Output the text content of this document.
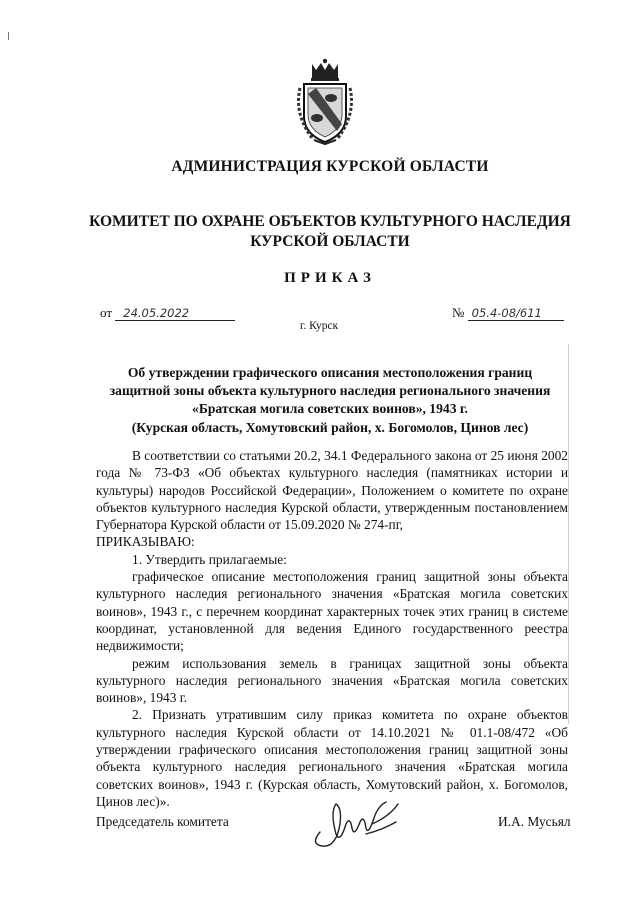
АДМИНИСТРАЦИЯ КУРСКОЙ ОБЛАСТИ
КОМИТЕТ ПО ОХРАНЕ ОБЪЕКТОВ КУЛЬТУРНОГО НАСЛЕДИЯ
КУРСКОЙ ОБЛАСТИ
ПРИКАЗ
от 24.05.2022	№ 05.4-08/611
г. Курск
Об утверждении графического описания местоположения границ
защитной зоны объекта культурного наследия регионального значения
«Братская могила советских воинов», 1943 г.
(Курская область, Хомутовский район, х. Богомолов, Цинов лес)

В соответствии со статьями 20.2, 34.1 Федерального закона от 25 июня 2002 года № 73-ФЗ «Об объектах культурного наследия (памятниках истории и культуры) народов Российской Федерации», Положением о комитете по охране объектов культурного наследия Курской области, утвержденным постановлением Губернатора Курской области от 15.09.2020 № 274-пг,

ПРИКАЗЫВАЮ:

1. Утвердить прилагаемые:

графическое описание местоположения границ защитной зоны объекта культурного наследия регионального значения «Братская могила советских воинов», 1943 г., с перечнем координат характерных точек этих границ в системе координат, установленной для ведения Единого государственного реестра недвижимости;

режим использования земель в границах защитной зоны объекта культурного наследия регионального значения «Братская могила советских воинов», 1943 г.

2. Признать утратившим силу приказ комитета по охране объектов культурного наследия Курской области от 14.10.2021 № 01.1-08/472 «Об утверждении графического описания местоположения границ защитной зоны объекта культурного наследия регионального значения «Братская могила советских воинов», 1943 г. (Курская область, Хомутовский район, х. Богомолов, Цинов лес)».

Председатель комитета	И.А. Мусьял
